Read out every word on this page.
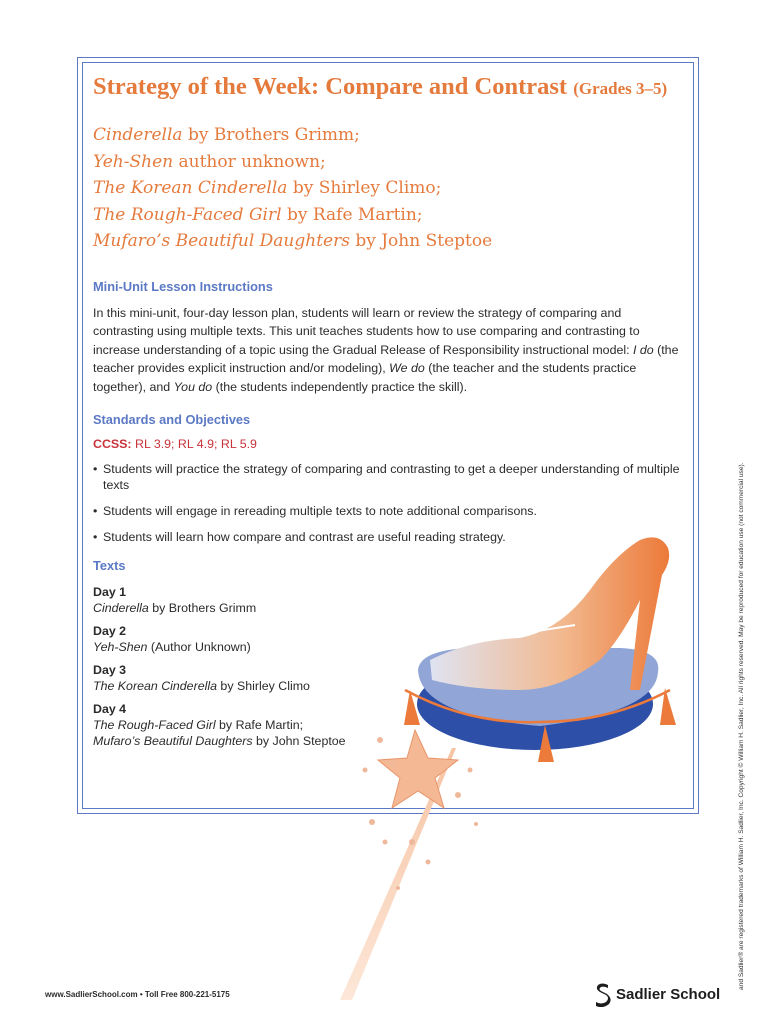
Strategy of the Week: Compare and Contrast (Grades 3–5)
Cinderella by Brothers Grimm;
Yeh-Shen author unknown;
The Korean Cinderella by Shirley Climo;
The Rough-Faced Girl by Rafe Martin;
Mufaro’s Beautiful Daughters by John Steptoe
Mini-Unit Lesson Instructions

In this mini-unit, four-day lesson plan, students will learn or review the strategy of comparing and contrasting using multiple texts. This unit teaches students how to use comparing and contrasting to increase understanding of a topic using the Gradual Release of Responsibility instructional model: I do (the teacher provides explicit instruction and/or modeling), We do (the teacher and the students practice together), and You do (the students independently practice the skill).

Standards and Objectives

CCSS: RL 3.9; RL 4.9; RL 5.9

• Students will practice the strategy of comparing and contrasting to get a deeper understanding of multiple texts
• Students will engage in rereading multiple texts to note additional comparisons.
• Students will learn how compare and contrast are useful reading strategy.
Texts
Day 1
Cinderella by Brothers Grimm
Day 2
Yeh-Shen (Author Unknown)
Day 3
The Korean Cinderella by Shirley Climo
Day 4
The Rough-Faced Girl by Rafe Martin;
Mufaro’s Beautiful Daughters by John Steptoe
www.SadlierSchool.com • Toll Free 800-221-5175	Sadlier School
and Sadlier® are registered trademarks of William H. Sadlier, Inc. Copyright © William H. Sadlier, Inc. All rights reserved. May be reproduced for education use (not commercial use).
